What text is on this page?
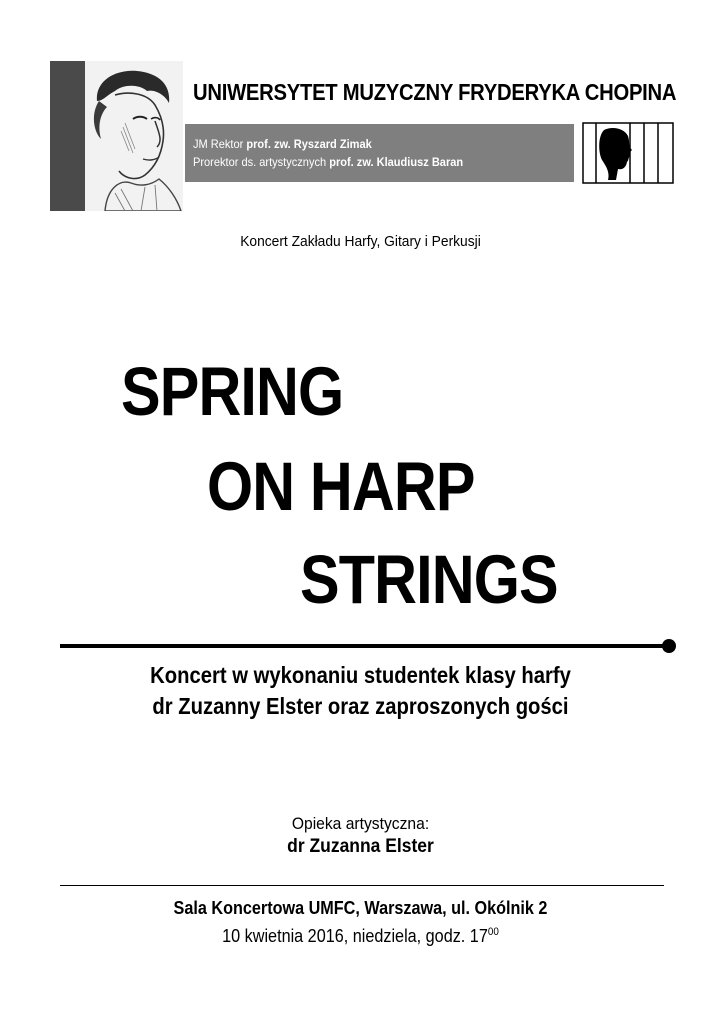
UNIWERSYTET MUZYCZNY FRYDERYKA CHOPINA
JM Rektor prof. zw. Ryszard Zimak
Prorektor ds. artystycznych prof. zw. Klaudiusz Baran
Koncert Zakładu Harfy, Gitary i Perkusji
SPRING
ON HARP
STRINGS
Koncert w wykonaniu studentek klasy harfy
dr Zuzanny Elster oraz zaproszonych gości
Opieka artystyczna:
dr Zuzanna Elster
Sala Koncertowa UMFC, Warszawa, ul. Okólnik 2
10 kwietnia 2016, niedziela, godz. $17^{00}$
